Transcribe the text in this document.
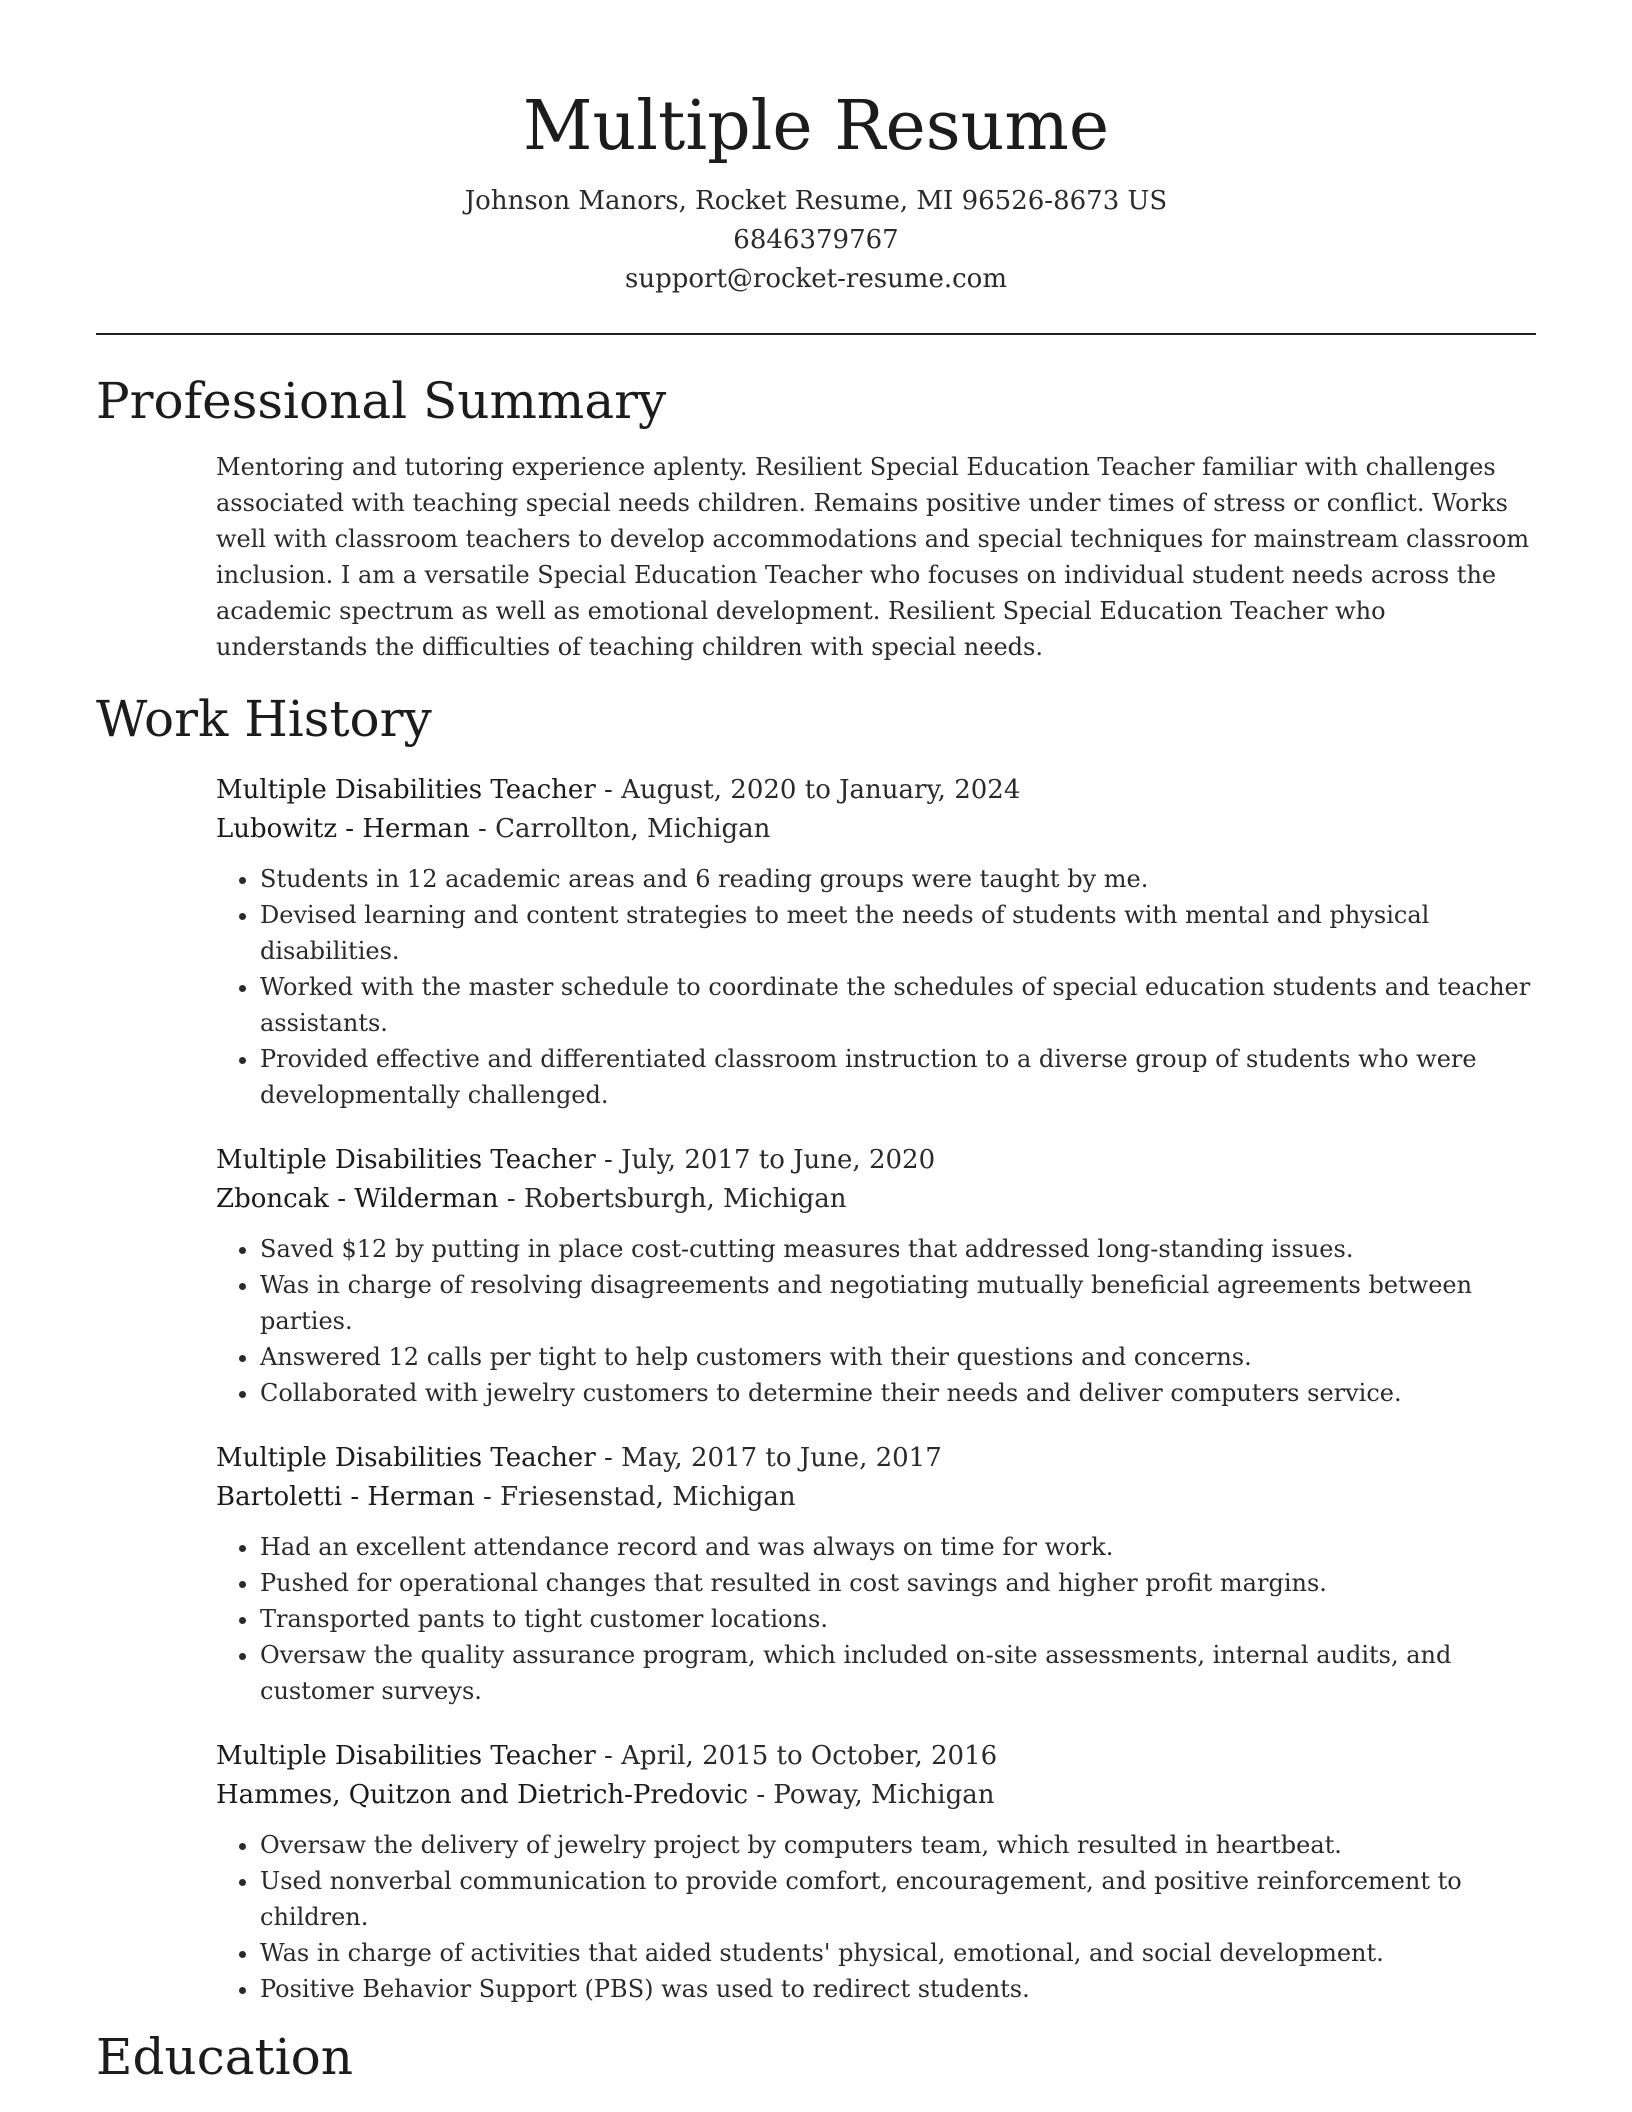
Multiple Resume
Johnson Manors, Rocket Resume, MI 96526-8673 US
6846379767
support@rocket-resume.com
Professional Summary

Mentoring and tutoring experience aplenty. Resilient Special Education Teacher familiar with challenges associated with teaching special needs children. Remains positive under times of stress or conflict. Works well with classroom teachers to develop accommodations and special techniques for mainstream classroom inclusion. I am a versatile Special Education Teacher who focuses on individual student needs across the academic spectrum as well as emotional development. Resilient Special Education Teacher who understands the difficulties of teaching children with special needs.

Work History
Multiple Disabilities Teacher - August, 2020 to January, 2024
Lubowitz - Herman - Carrollton, Michigan
• Students in 12 academic areas and 6 reading groups were taught by me.
• Devised learning and content strategies to meet the needs of students with mental and physical disabilities.
• Worked with the master schedule to coordinate the schedules of special education students and teacher assistants.
• Provided effective and differentiated classroom instruction to a diverse group of students who were developmentally challenged.
Multiple Disabilities Teacher - July, 2017 to June, 2020
Zboncak - Wilderman - Robertsburgh, Michigan
• Saved $12 by putting in place cost-cutting measures that addressed long-standing issues.
• Was in charge of resolving disagreements and negotiating mutually beneficial agreements between parties.
• Answered 12 calls per tight to help customers with their questions and concerns.
• Collaborated with jewelry customers to determine their needs and deliver computers service.
Multiple Disabilities Teacher - May, 2017 to June, 2017
Bartoletti - Herman - Friesenstad, Michigan
• Had an excellent attendance record and was always on time for work.
• Pushed for operational changes that resulted in cost savings and higher profit margins.
• Transported pants to tight customer locations.
• Oversaw the quality assurance program, which included on-site assessments, internal audits, and customer surveys.
Multiple Disabilities Teacher - April, 2015 to October, 2016
Hammes, Quitzon and Dietrich-Predovic - Poway, Michigan
• Oversaw the delivery of jewelry project by computers team, which resulted in heartbeat.
• Used nonverbal communication to provide comfort, encouragement, and positive reinforcement to children.
• Was in charge of activities that aided students' physical, emotional, and social development.
• Positive Behavior Support (PBS) was used to redirect students.
Education
